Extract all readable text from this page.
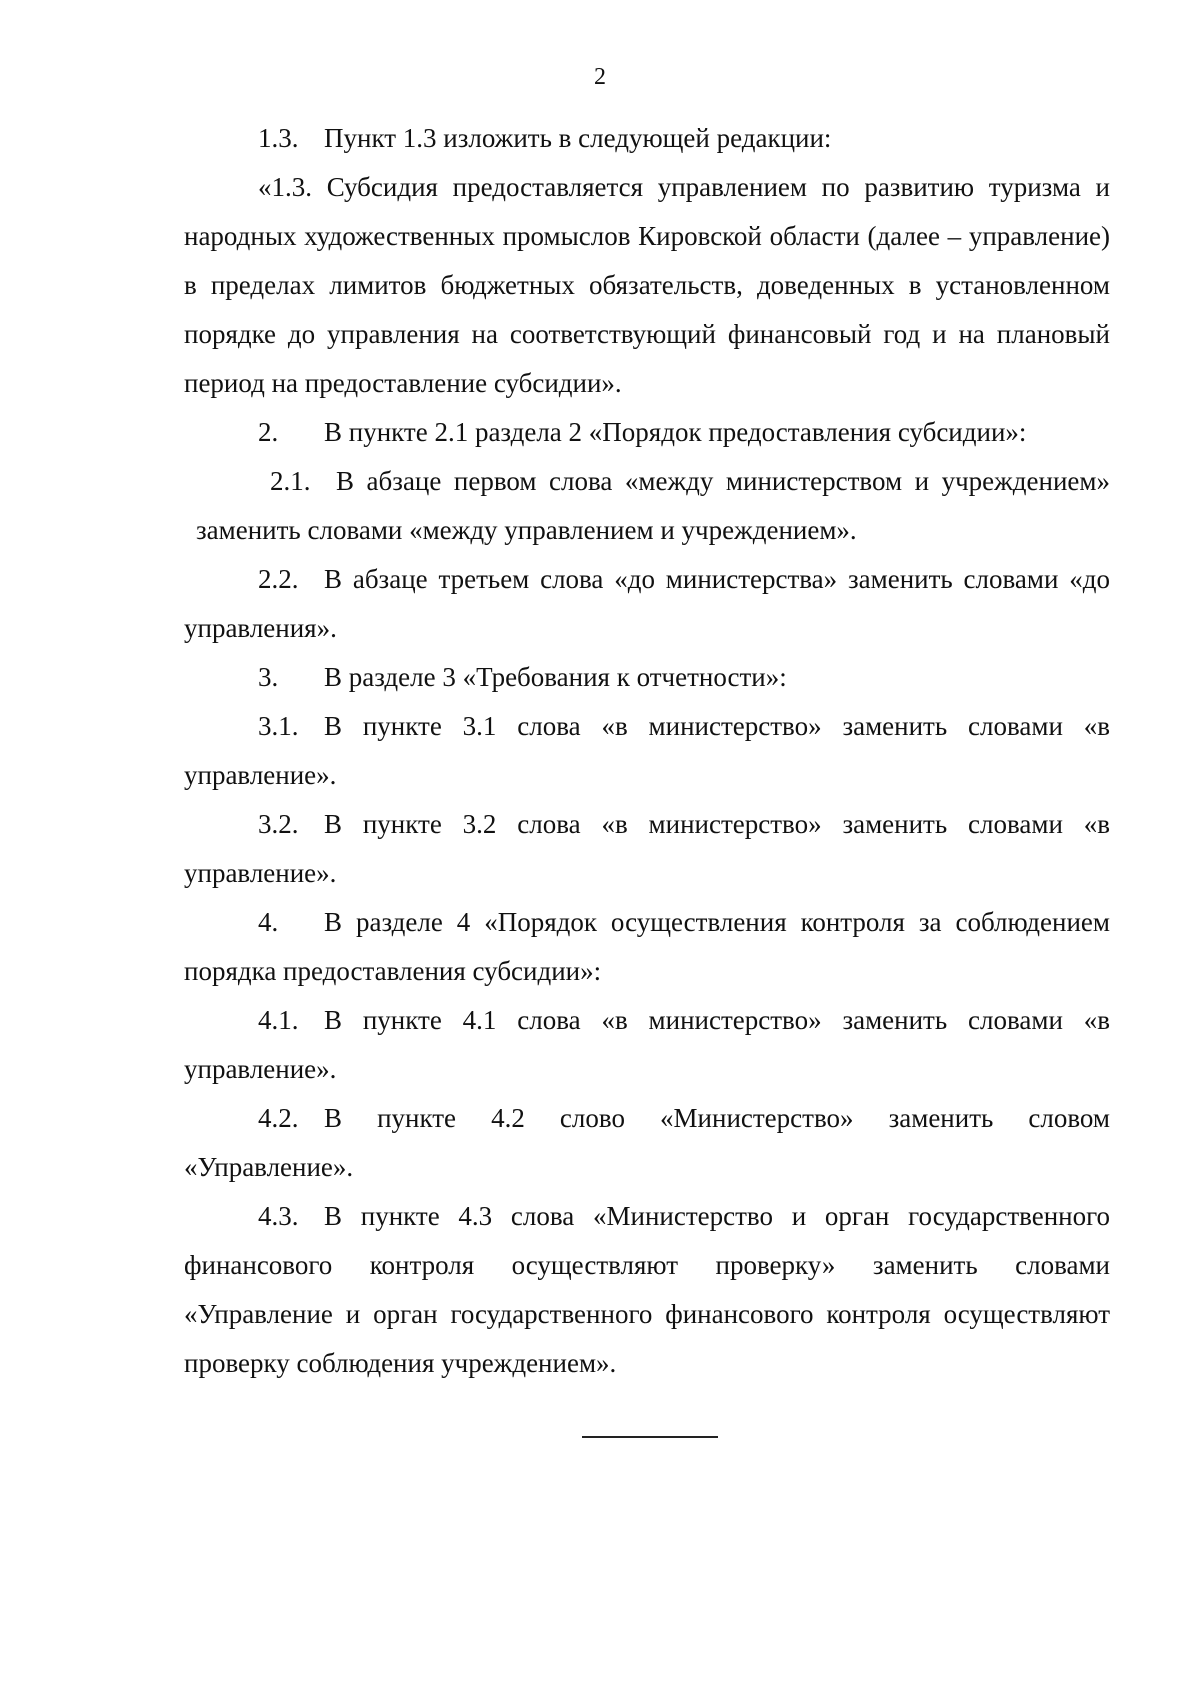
2

1.3. Пункт 1.3 изложить в следующей редакции:

«1.3. Субсидия предоставляется управлением по развитию туризма и народных художественных промыслов Кировской области (далее – управление) в пределах лимитов бюджетных обязательств, доведенных в установленном порядке до управления на соответствующий финансовый год и на плановый период на предоставление субсидии».

2. В пункте 2.1 раздела 2 «Порядок предоставления субсидии»:

2.1. В абзаце первом слова «между министерством и учреждением» заменить словами «между управлением и учреждением».

2.2. В абзаце третьем слова «до министерства» заменить словами «до управления».

3. В разделе 3 «Требования к отчетности»:

3.1. В пункте 3.1 слова «в министерство» заменить словами «в управление».

3.2. В пункте 3.2 слова «в министерство» заменить словами «в управление».

4. В разделе 4 «Порядок осуществления контроля за соблюдением порядка предоставления субсидии»:

4.1. В пункте 4.1 слова «в министерство» заменить словами «в управление».

4.2. В пункте 4.2 слово «Министерство» заменить словом «Управление».

4.3. В пункте 4.3 слова «Министерство и орган государственного финансового контроля осуществляют проверку» заменить словами «Управление и орган государственного финансового контроля осуществляют проверку соблюдения учреждением».
